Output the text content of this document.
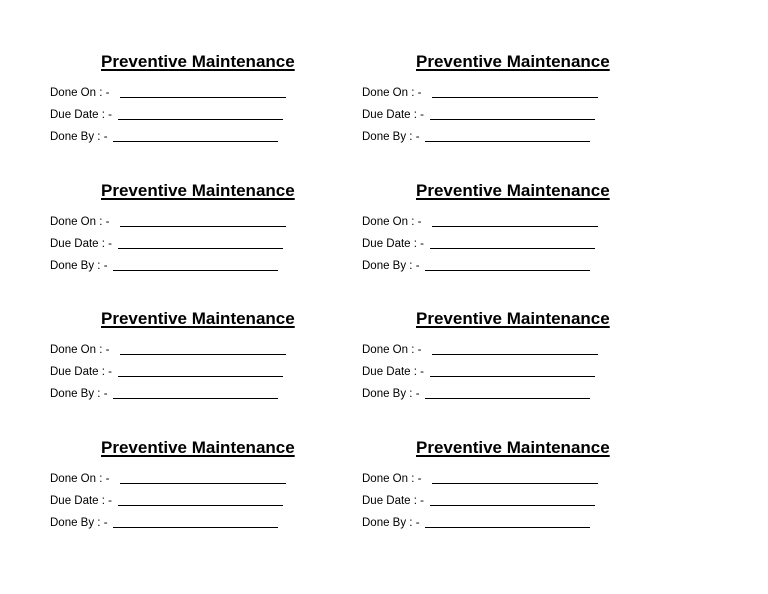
Preventive Maintenance
Done On : -
Due Date : -
Done By : -
Preventive Maintenance
Done On : -
Due Date : -
Done By : -
Preventive Maintenance
Done On : -
Due Date : -
Done By : -
Preventive Maintenance
Done On : -
Due Date : -
Done By : -
Preventive Maintenance
Done On : -
Due Date : -
Done By : -
Preventive Maintenance
Done On : -
Due Date : -
Done By : -
Preventive Maintenance
Done On : -
Due Date : -
Done By : -
Preventive Maintenance
Done On : -
Due Date : -
Done By : -
